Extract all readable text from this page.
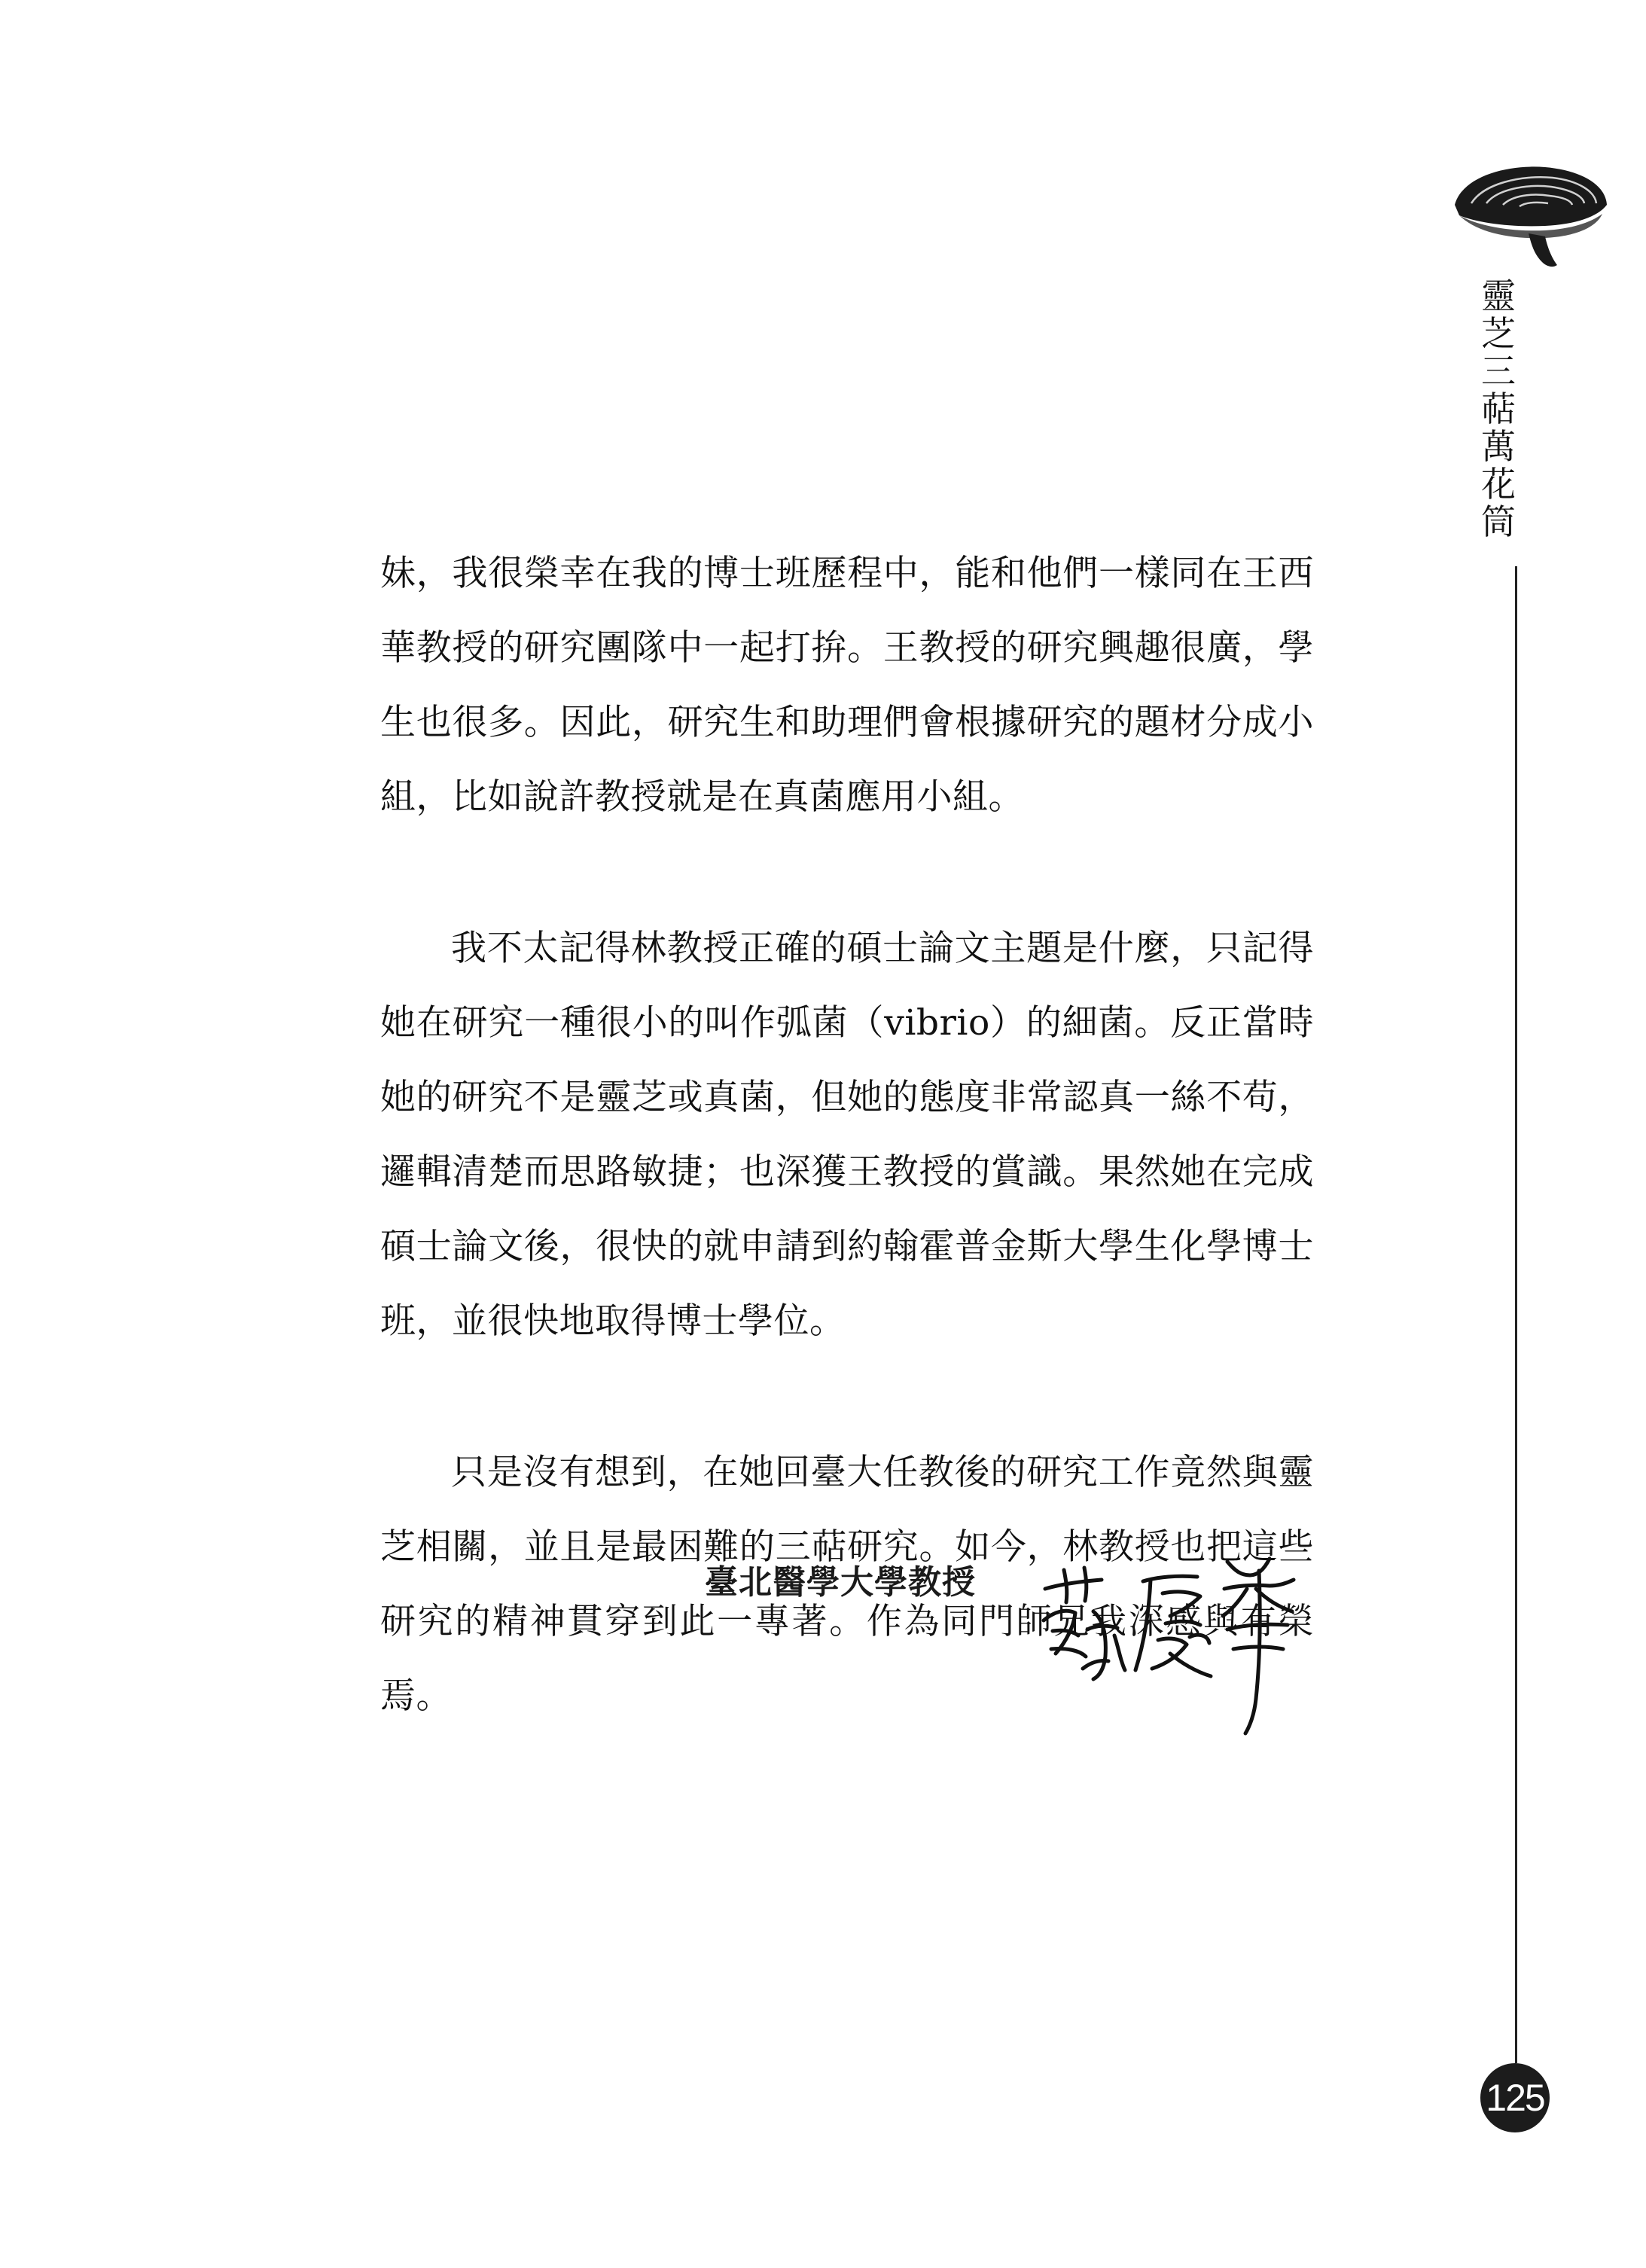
妹，我很榮幸在我的博士班歷程中，能和他們一樣同在王西華教授的研究團隊中一起打拚。王教授的研究興趣很廣，學生也很多。因此，研究生和助理們會根據研究的題材分成小組，比如說許教授就是在真菌應用小組。

我不太記得林教授正確的碩士論文主題是什麼，只記得她在研究一種很小的叫作弧菌（vibrio）的細菌。反正當時她的研究不是靈芝或真菌，但她的態度非常認真一絲不苟，邏輯清楚而思路敏捷；也深獲王教授的賞識。果然她在完成碩士論文後，很快的就申請到約翰霍普金斯大學生化學博士班，並很快地取得博士學位。

只是沒有想到，在她回臺大任教後的研究工作竟然與靈芝相關，並且是最困難的三萜研究。如今，林教授也把這些研究的精神貫穿到此一專著。作為同門師兄我深感與有榮焉。

臺北醫學大學教授
靈芝三萜萬花筒
125
